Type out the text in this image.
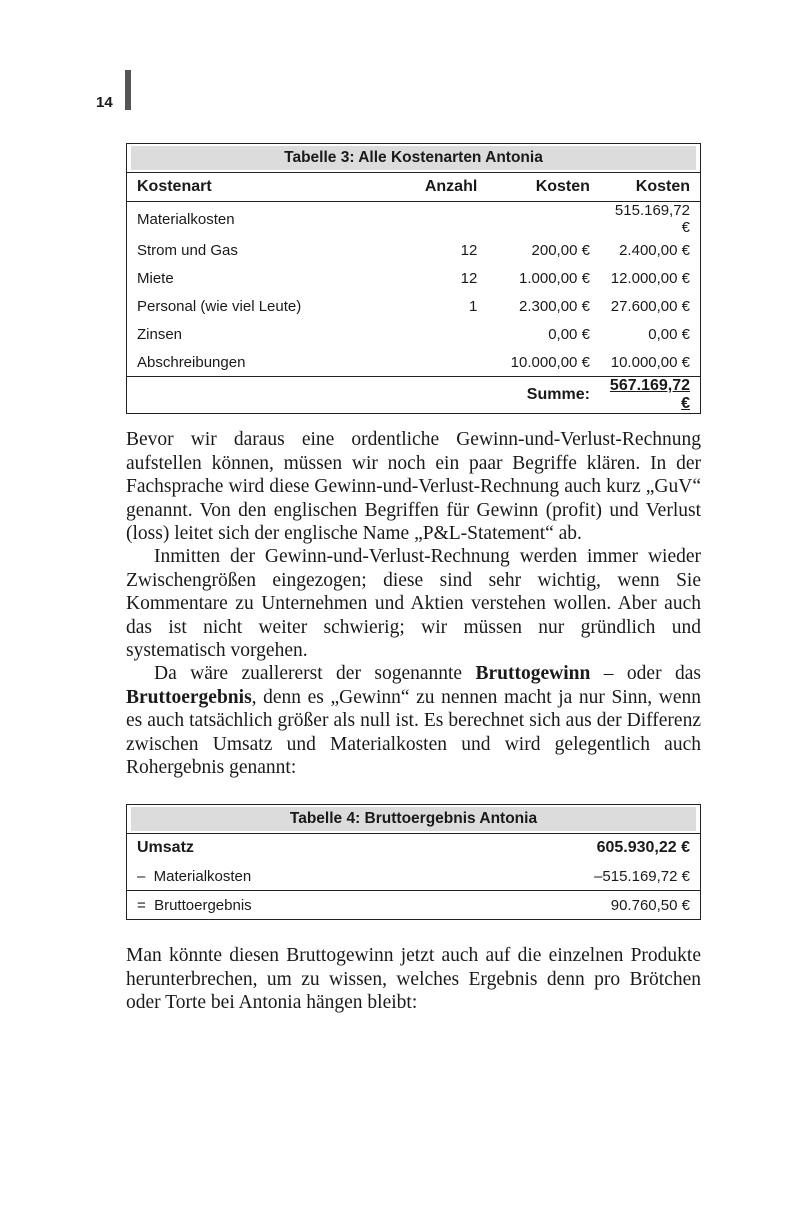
14
Tabelle 3: Alle Kostenarten Antonia			

Kostenart	Anzahl	Kosten	Kosten
Materialkosten			515.169,72 €
Strom und Gas	12	200,00 €	2.400,00 €
Miete	12	1.000,00 €	12.000,00 €
Personal (wie viel Leute)	1	2.300,00 €	27.600,00 €
Zinsen		0,00 €	0,00 €
Abschreibungen		10.000,00 €	10.000,00 €
		Summe:	567.169,72 €

Bevor wir daraus eine ordentliche Gewinn-und-Verlust-Rechnung aufstellen können, müssen wir noch ein paar Begriffe klären. In der Fachsprache wird diese Gewinn-und-Verlust-Rechnung auch kurz „GuV“ genannt. Von den englischen Begriffen für Gewinn (profit) und Verlust (loss) leitet sich der englische Name „P&L-Statement“ ab.

Inmitten der Gewinn-und-Verlust-Rechnung werden immer wieder Zwischengrößen eingezogen; diese sind sehr wichtig, wenn Sie Kommentare zu Unternehmen und Aktien verstehen wollen. Aber auch das ist nicht weiter schwierig; wir müssen nur gründlich und systematisch vorgehen.

Da wäre zuallererst der sogenannte Bruttogewinn – oder das Bruttoergebnis, denn es „Gewinn“ zu nennen macht ja nur Sinn, wenn es auch tatsächlich größer als null ist. Es berechnet sich aus der Differenz zwischen Umsatz und Materialkosten und wird gelegentlich auch Rohergebnis genannt:

Tabelle 4: Bruttoergebnis Antonia	

Umsatz	605.930,22 €
–  Materialkosten	–515.169,72 €
=  Bruttoergebnis	90.760,50 €

Man könnte diesen Bruttogewinn jetzt auch auf die einzelnen Produkte herunterbrechen, um zu wissen, welches Ergebnis denn pro Brötchen oder Torte bei Antonia hängen bleibt:
